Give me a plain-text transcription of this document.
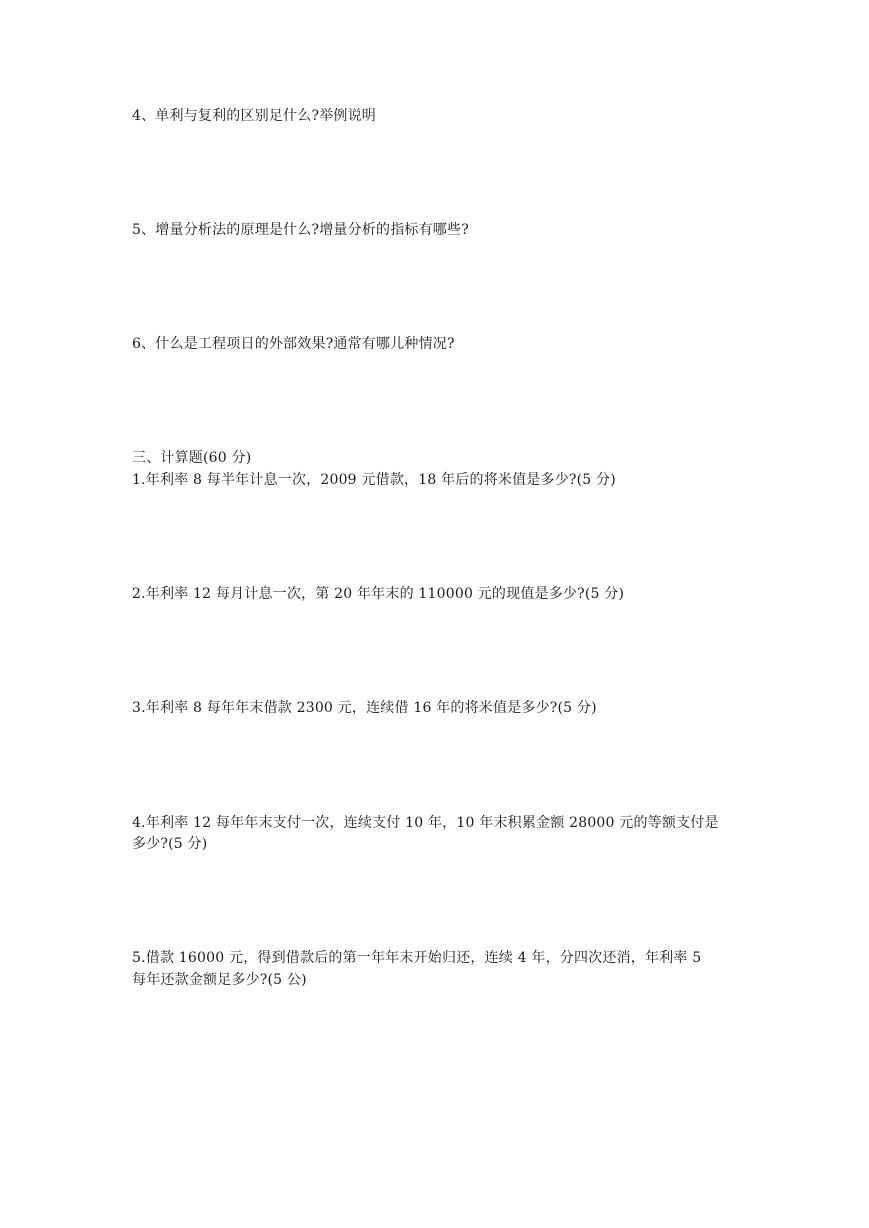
4、单利与复利的区别足什么?举例说明
5、增量分析法的原理是什么?增量分析的指标有哪些?
6、什么是工程项日的外部效果?通常有哪儿种情况?
三、计算题(60 分)
1.年利率 8 每半年计息一次，2009 元借款，18 年后的将米值是多少?(5 分)
2.年利率 12 每月计息一次，第 20 年年末的 110000 元的现值是多少?(5 分)
3.年利率 8 每年年末借款 2300 元，连续借 16 年的将米值是多少?(5 分)
4.年利率 12 每年年末支付一次，连续支付 10 年，10 年末积累金额 28000 元的等额支付是
多少?(5 分)
5.借款 16000 元，得到借款后的第一年年末开始归还，连续 4 年，分四次还消，年利率 5
每年还款金额足多少?(5 公)
